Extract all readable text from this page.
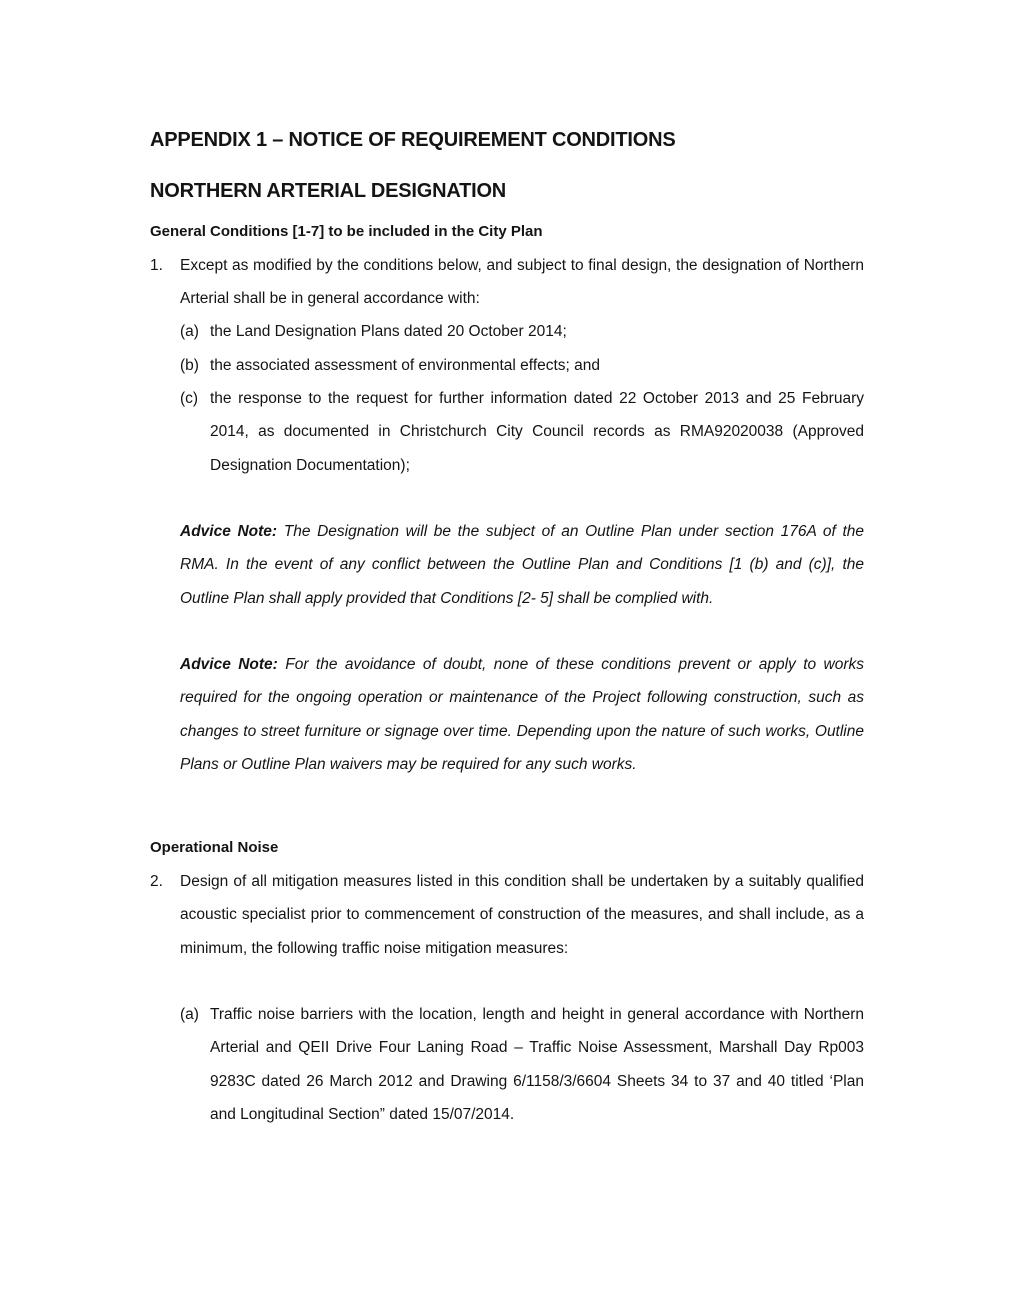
APPENDIX 1 – NOTICE OF REQUIREMENT CONDITIONS
NORTHERN ARTERIAL DESIGNATION
General Conditions [1-7] to be included in the City Plan
1. Except as modified by the conditions below, and subject to final design, the designation of Northern Arterial shall be in general accordance with:

(a) the Land Designation Plans dated 20 October 2014;
(b) the associated assessment of environmental effects; and
(c) the response to the request for further information dated 22 October 2013 and 25 February 2014, as documented in Christchurch City Council records as RMA92020038 (Approved Designation Documentation);

Advice Note: The Designation will be the subject of an Outline Plan under section 176A of the RMA. In the event of any conflict between the Outline Plan and Conditions [1 (b) and (c)], the Outline Plan shall apply provided that Conditions [2- 5] shall be complied with.

Advice Note: For the avoidance of doubt, none of these conditions prevent or apply to works required for the ongoing operation or maintenance of the Project following construction, such as changes to street furniture or signage over time. Depending upon the nature of such works, Outline Plans or Outline Plan waivers may be required for any such works.

Operational Noise
2. Design of all mitigation measures listed in this condition shall be undertaken by a suitably qualified acoustic specialist prior to commencement of construction of the measures, and shall include, as a minimum, the following traffic noise mitigation measures:

(a) Traffic noise barriers with the location, length and height in general accordance with Northern Arterial and QEII Drive Four Laning Road – Traffic Noise Assessment, Marshall Day Rp003 9283C dated 26 March 2012 and Drawing 6/1158/3/6604 Sheets 34 to 37 and 40 titled ‘Plan and Longitudinal Section” dated 15/07/2014.
